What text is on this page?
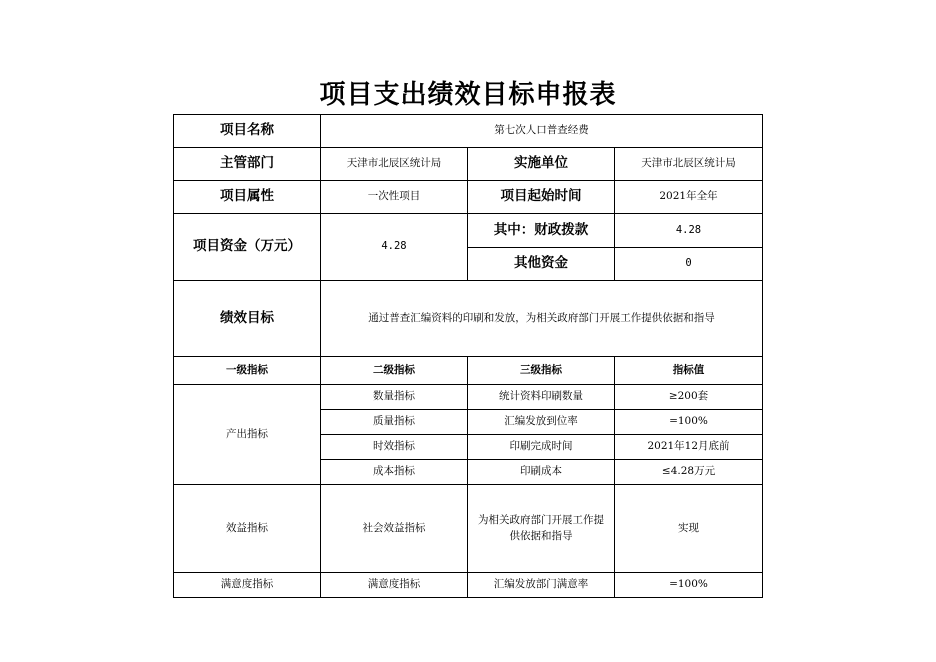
项目支出绩效目标申报表
项目名称	第七次人口普查经费		
主管部门	天津市北辰区统计局	实施单位	天津市北辰区统计局
项目属性	一次性项目	项目起始时间	2021年全年
项目资金（万元）	4.28	其中：财政拨款	4.28
		其他资金	0
绩效目标	通过普查汇编资料的印刷和发放，为相关政府部门开展工作提供依据和指导		
一级指标	二级指标	三级指标	指标值
产出指标	数量指标	统计资料印刷数量	≥200套
	质量指标	汇编发放到位率	=100%
	时效指标	印刷完成时间	2021年12月底前
	成本指标	印刷成本	≤4.28万元
效益指标	社会效益指标	为相关政府部门开展工作提供依据和指导	实现
满意度指标	满意度指标	汇编发放部门满意率	=100%
